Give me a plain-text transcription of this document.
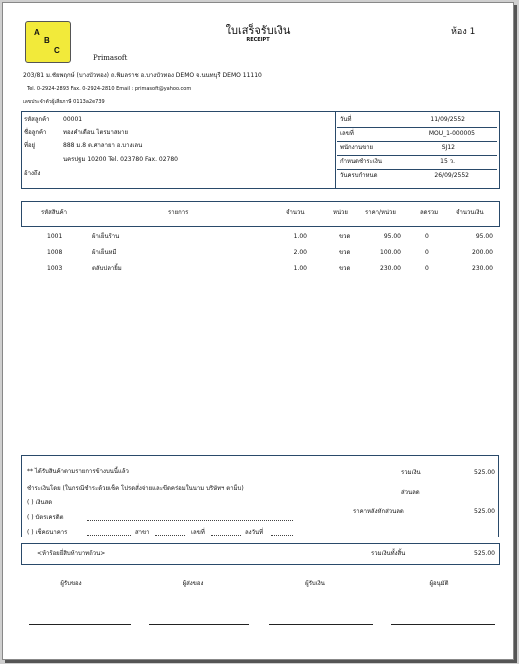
A
B
C
ใบเสร็จรับเงิน
RECEIPT
ห้อง 1
Primasoft
203/81 ม.ชัยพฤกษ์ (บางบัวทอง) ถ.พิมลราช อ.บางบัวทอง DEMO จ.นนทบุรี DEMO 11110
Tel. 0-2924-2893 Fax. 0-2924-2810 Email : primasoft@yahoo.com
เลขประจำตัวผู้เสียภาษี 0113a2e739
รหัสลูกค้า 00001
ชื่อลูกค้า	ทองคำเดือน ไตรมาสผาย
ที่อยู่	888 ม.8 ต.ศาลายา อ.บางเลน
นครปฐม 10200 Tel. 023780 Fax. 02780
อ้างถึง
วันที่	11/09/2552
เลขที่	MOU_1-000005
พนักงานขาย	SJ12
กำหนดชำระเงิน	15 ว.
วันครบกำหนด	26/09/2552
รหัสสินค้า	รายการ	จำนวน	หน่วย	ราคา/หน่วย	ลดรวม	จำนวนเงิน
1001	ผ้าเย็นร้าน	1.00	ขวด	95.00	0	95.00
1008	ผ้าเย็นหมี	2.00	ขวด	100.00	0	200.00
1003	ตลับปลายิ้ม	1.00	ขวด	230.00	0	230.00
** ได้รับสินค้าตามรายการข้างบนนี้แล้ว
ชำระเงินโดย (ในกรณีชำระด้วยเช็ค โปรดสั่งจ่ายและขีดคร่อมในนาม บริษัทฯ ตาม็บ)
( ) เงินสด
( ) บัตรเครดิต
( ) เช็คธนาคาร	สาขา	เลขที่	ลงวันที่
รวมเงิน	525.00
ส่วนลด
ราคาหลังหักส่วนลด	525.00
<ห้าร้อยยี่สิบห้าบาทถ้วน>	รวมเงินทั้งสิ้น	525.00
ผู้รับของ	ผู้ส่งของ	ผู้รับเงิน	ผู้อนุมัติ
